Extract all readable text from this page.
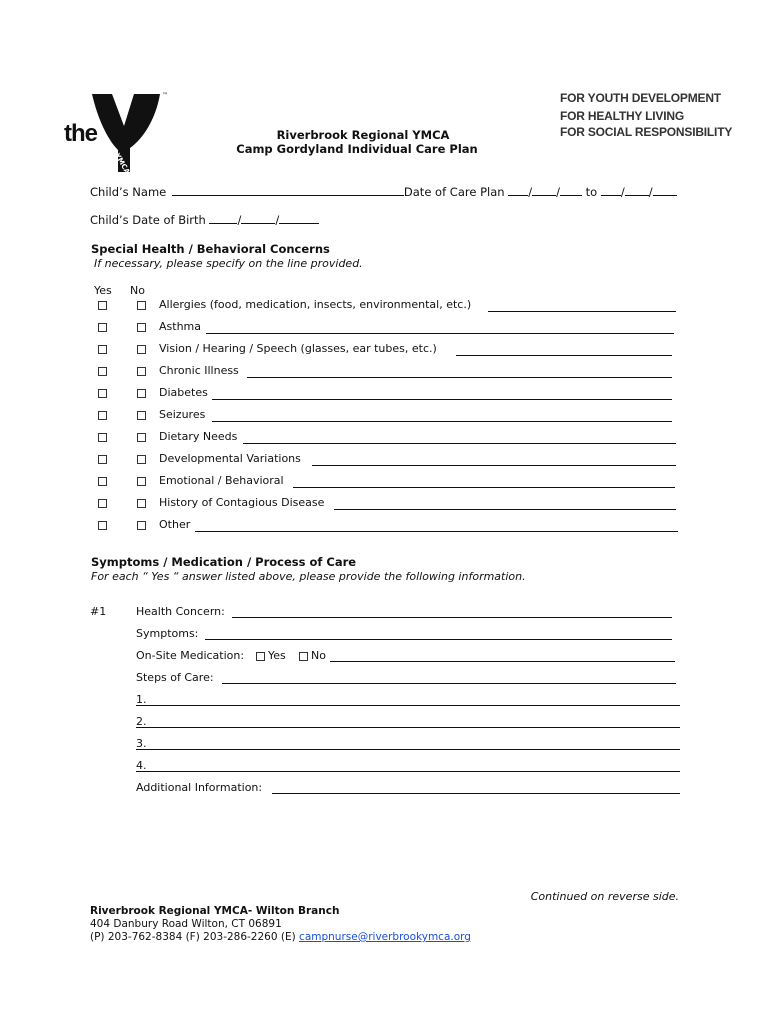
the
™
YMCA
FOR YOUTH DEVELOPMENT
FOR HEALTHY LIVING
FOR SOCIAL RESPONSIBILITY
Riverbrook Regional YMCA
Camp Gordyland Individual Care Plan
Child’s Name	Date of Care Plan / / to / /
Child’s Date of Birth	/	/
Special Health / Behavioral Concerns
If necessary, please specify on the line provided.
Yes No
Allergies (food, medication, insects, environmental, etc.)
Asthma
Vision / Hearing / Speech (glasses, ear tubes, etc.)
Chronic Illness
Diabetes
Seizures
Dietary Needs
Developmental Variations
Emotional / Behavioral
History of Contagious Disease
Other
Symptoms / Medication / Process of Care
For each “ Yes “ answer listed above, please provide the following information.
#1	Health Concern:
Symptoms:
On-Site Medication: Yes No
Steps of Care:
1.
2.
3.
4.
Additional Information:
Continued on reverse side.
Riverbrook Regional YMCA- Wilton Branch
404 Danbury Road Wilton, CT 06891
(P) 203-762-8384 (F) 203-286-2260 (E) campnurse@riverbrookymca.org
